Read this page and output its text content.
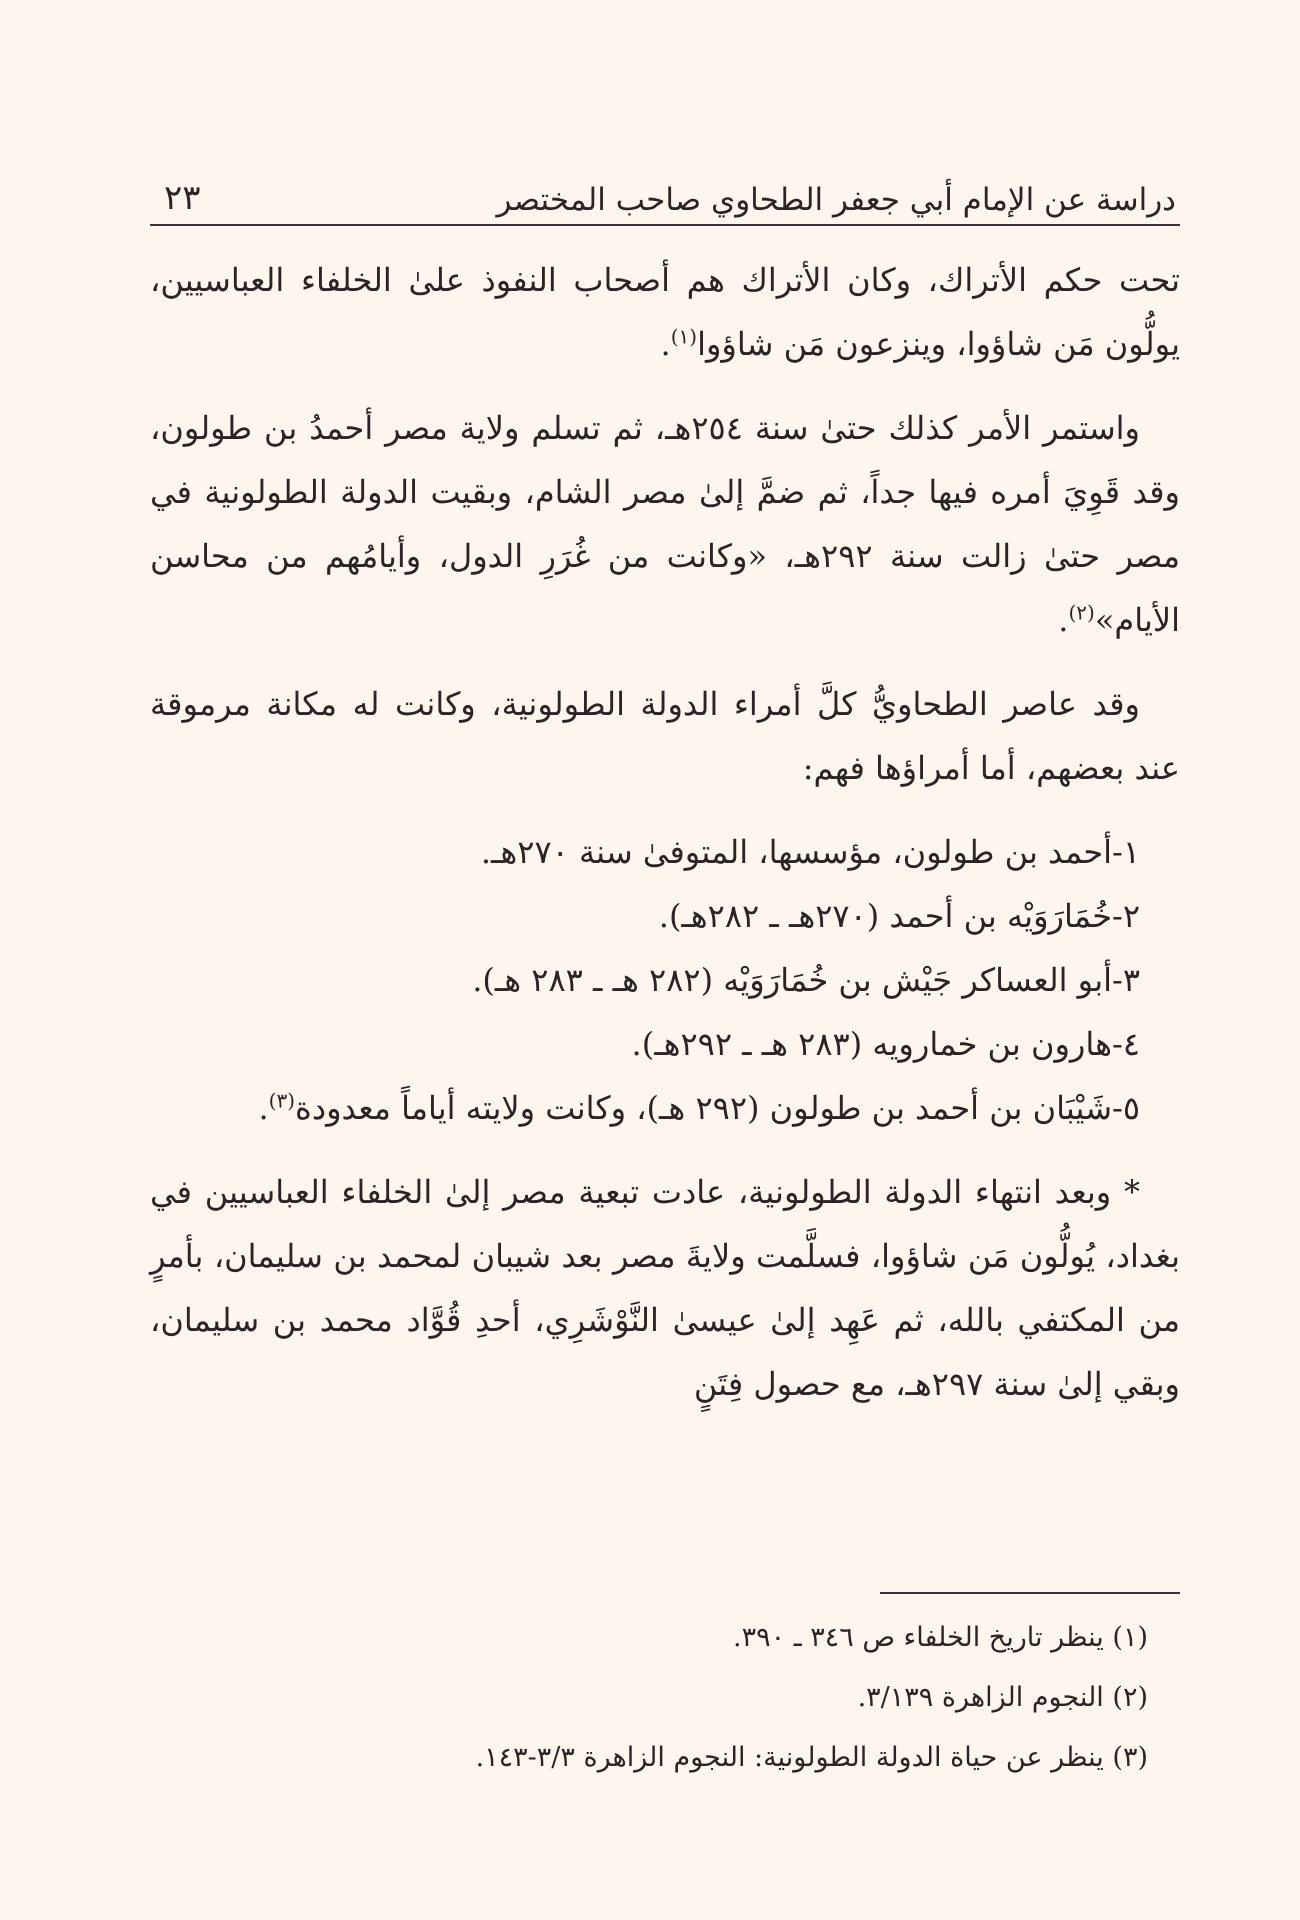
دراسة عن الإمام أبي جعفر الطحاوي صاحب المختصر
٢٣

تحت حكم الأتراك، وكان الأتراك هم أصحاب النفوذ علىٰ الخلفاء العباسيين، يولُّون مَن شاؤوا، وينزعون مَن شاؤوا$^{(١)}$.

واستمر الأمر كذلك حتىٰ سنة ٢٥٤هـ، ثم تسلم ولاية مصر أحمدُ بن طولون، وقد قَوِيَ أمره فيها جداً، ثم ضمَّ إلىٰ مصر الشام، وبقيت الدولة الطولونية في مصر حتىٰ زالت سنة ٢٩٢هـ، «وكانت من غُرَرِ الدول، وأيامُهم من محاسن الأيام»$^{(٢)}$.

وقد عاصر الطحاويُّ كلَّ أمراء الدولة الطولونية، وكانت له مكانة مرموقة عند بعضهم، أما أمراؤها فهم:

١-أحمد بن طولون، مؤسسها، المتوفىٰ سنة ٢٧٠هـ.
٢-خُمَارَوَيْه بن أحمد (٢٧٠هـ ـ ٢٨٢هـ).
٣-أبو العساكر جَيْش بن خُمَارَوَيْه (٢٨٢ هـ ـ ٢٨٣ هـ).
٤-هارون بن خمارويه (٢٨٣ هـ ـ ٢٩٢هـ).
٥-شَيْبَان بن أحمد بن طولون (٢٩٢ هـ)، وكانت ولايته أياماً معدودة$^{(٣)}$.

* وبعد انتهاء الدولة الطولونية، عادت تبعية مصر إلىٰ الخلفاء العباسيين في بغداد، يُولُّون مَن شاؤوا، فسلَّمت ولايةَ مصر بعد شيبان لمحمد بن سليمان، بأمرٍ من المكتفي بالله، ثم عَهِد إلىٰ عيسىٰ النَّوْشَرِي، أحدِ قُوَّاد محمد بن سليمان، وبقي إلىٰ سنة ٢٩٧هـ، مع حصول فِتَنٍ

(١) ينظر تاريخ الخلفاء ص ٣٤٦ ـ ٣٩٠.

(٢) النجوم الزاهرة ٣/١٣٩.

(٣) ينظر عن حياة الدولة الطولونية: النجوم الزاهرة ٣/٣-١٤٣.
